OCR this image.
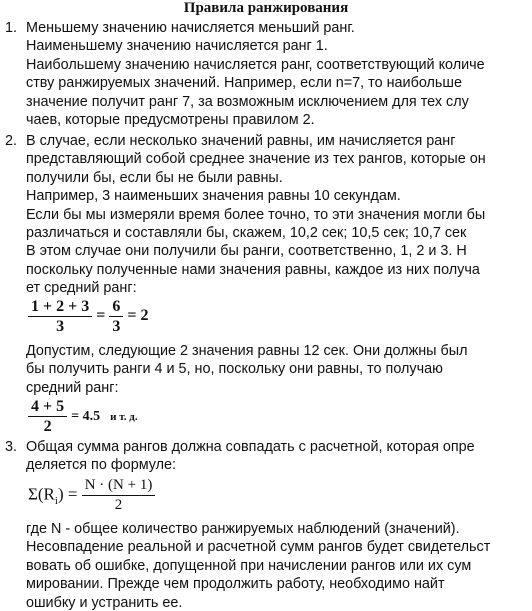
Правила ранжирования
1. Меньшему значению начисляется меньший ранг.
Наименьшему значению начисляется ранг 1.
Наибольшему значению начисляется ранг, соответствующий количе
ству ранжируемых значений. Например, если n=7, то наибольше
значение получит ранг 7, за возможным исключением для тех слу
чаев, которые предусмотрены правилом 2.
2. В случае, если несколько значений равны, им начисляется ранг
представляющий собой среднее значение из тех рангов, которые он
получили бы, если бы не были равны.
Например, 3 наименьших значения равны 10 секундам.
Если бы мы измеряли время более точно, то эти значения могли бы
различаться и составляли бы, скажем, 10,2 сек; 10,5 сек; 10,7 сек
В этом случае они получили бы ранги, соответственно, 1, 2 и 3. Н
поскольку полученные нами значения равны, каждое из них получа
ет средний ранг:
$\frac{1 + 2 + 3}{3} = \frac{6}{3} = 2$
Допустим, следующие 2 значения равны 12 сек. Они должны был
бы получить ранги 4 и 5, но, поскольку они равны, то получаю
средний ранг:
$\frac{4 + 5}{2} = 4.5$ и т. д.
3. Общая сумма рангов должна совпадать с расчетной, которая опре
деляется по формуле:
$\Sigma(R_i) = \frac{N \cdot (N + 1)}{2}$
где N - общее количество ранжируемых наблюдений (значений).
Несовпадение реальной и расчетной сумм рангов будет свидетельст
вовать об ошибке, допущенной при начислении рангов или их сум
мировании. Прежде чем продолжить работу, необходимо найт
ошибку и устранить ее.
